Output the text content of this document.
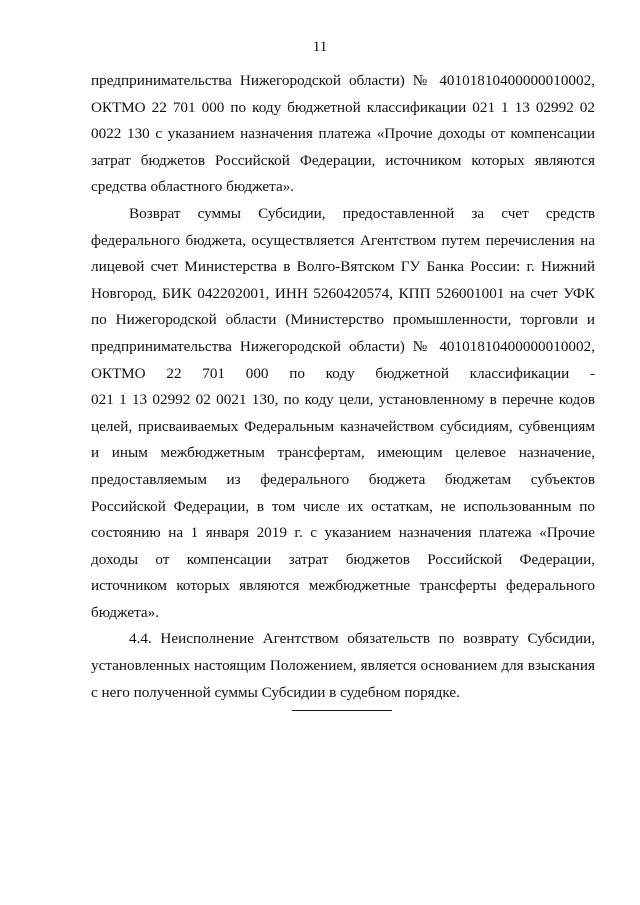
11
предпринимательства Нижегородской области) № 40101810400000010002,
ОКТМО 22 701 000 по коду бюджетной классификации 021 1 13 02992 02
0022 130 с указанием назначения платежа «Прочие доходы от компенсации
затрат бюджетов Российской Федерации, источником которых являются
средства областного бюджета».
Возврат суммы Субсидии, предоставленной за счет средств
федерального бюджета, осуществляется Агентством путем перечисления на
лицевой счет Министерства в Волго-Вятском ГУ Банка России: г. Нижний
Новгород, БИК 042202001, ИНН 5260420574, КПП 526001001 на счет УФК
по Нижегородской области (Министерство промышленности, торговли и
предпринимательства Нижегородской области) № 40101810400000010002,
ОКТМО 22 701 000 по коду бюджетной классификации -
021 1 13 02992 02 0021 130, по коду цели, установленному в перечне кодов
целей, присваиваемых Федеральным казначейством субсидиям, субвенциям
и иным межбюджетным трансфертам, имеющим целевое назначение,
предоставляемым из федерального бюджета бюджетам субъектов
Российской Федерации, в том числе их остаткам, не использованным по
состоянию на 1 января 2019 г. с указанием назначения платежа «Прочие
доходы от компенсации затрат бюджетов Российской Федерации,
источником которых являются межбюджетные трансферты федерального
бюджета».
4.4. Неисполнение Агентством обязательств по возврату Субсидии,
установленных настоящим Положением, является основанием для взыскания
с него полученной суммы Субсидии в судебном порядке.
